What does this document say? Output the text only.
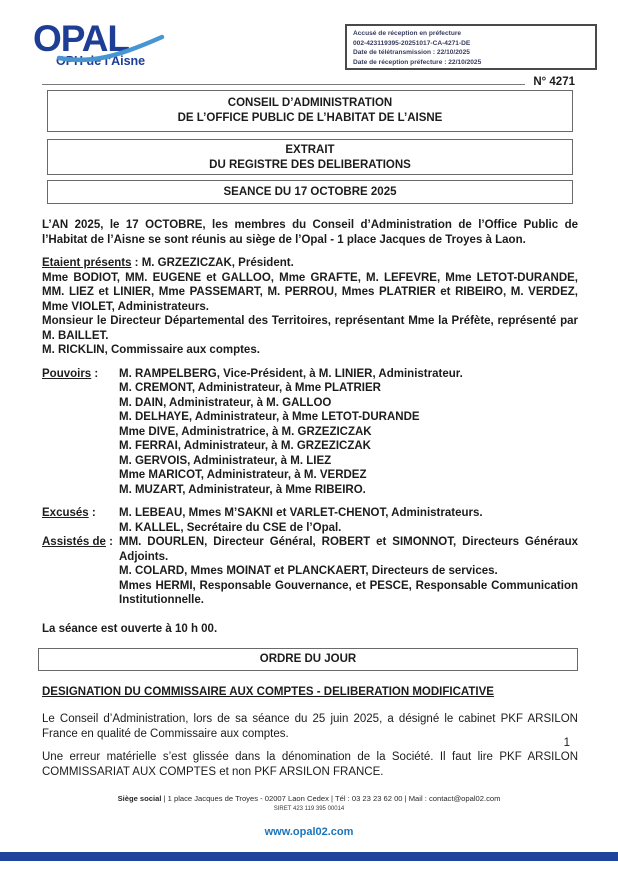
OPAL
OPH de l'Aisne
Accusé de réception en préfecture
002-423119395-20251017-CA-4271-DE
Date de télétransmission : 22/10/2025
Date de réception préfecture : 22/10/2025
N° 4271
CONSEIL D’ADMINISTRATION
DE L’OFFICE PUBLIC DE L’HABITAT DE L’AISNE
EXTRAIT
DU REGISTRE DES DELIBERATIONS
SEANCE DU 17 OCTOBRE 2025
L’AN 2025, le 17 OCTOBRE, les membres du Conseil d’Administration de l’Office Public de l’Habitat de l’Aisne se sont réunis au siège de l’Opal - 1 place Jacques de Troyes à Laon.
Etaient présents : M. GRZEZICZAK, Président.
Mme BODIOT, MM. EUGENE et GALLOO, Mme GRAFTE, M. LEFEVRE, Mme LETOT-DURANDE, MM. LIEZ et LINIER, Mme PASSEMART, M. PERROU, Mmes PLATRIER et RIBEIRO, M. VERDEZ, Mme VIOLET, Administrateurs.
Monsieur le Directeur Départemental des Territoires, représentant Mme la Préfète, représenté par M. BAILLET.
M. RICKLIN, Commissaire aux comptes.
Pouvoirs :	M. RAMPELBERG, Vice-Président, à M. LINIER, Administrateur.
M. CREMONT, Administrateur, à Mme PLATRIER
M. DAIN, Administrateur, à M. GALLOO
M. DELHAYE, Administrateur, à Mme LETOT-DURANDE
Mme DIVE, Administratrice, à M. GRZEZICZAK
M. FERRAI, Administrateur, à M. GRZEZICZAK
M. GERVOIS, Administrateur, à M. LIEZ
Mme MARICOT, Administrateur, à M. VERDEZ
M. MUZART, Administrateur, à Mme RIBEIRO.
Excusés :	M. LEBEAU, Mmes M’SAKNI et VARLET-CHENOT, Administrateurs.
M. KALLEL, Secrétaire du CSE de l’Opal.
Assistés de : MM. DOURLEN, Directeur Général, ROBERT et SIMONNOT, Directeurs Généraux Adjoints.
M. COLARD, Mmes MOINAT et PLANCKAERT, Directeurs de services.
Mmes HERMI, Responsable Gouvernance, et PESCE, Responsable Communication Institutionnelle.
La séance est ouverte à 10 h 00.
ORDRE DU JOUR
DESIGNATION DU COMMISSAIRE AUX COMPTES - DELIBERATION MODIFICATIVE
Le Conseil d’Administration, lors de sa séance du 25 juin 2025, a désigné le cabinet PKF ARSILON France en qualité de Commissaire aux comptes.
Une erreur matérielle s’est glissée dans la dénomination de la Société. Il faut lire PKF ARSILON COMMISSARIAT AUX COMPTES et non PKF ARSILON FRANCE.
1
Siège social | 1 place Jacques de Troyes - 02007 Laon Cedex | Tél : 03 23 23 62 00 | Mail : contact@opal02.com
SIRET 423 119 395 00014
www.opal02.com
